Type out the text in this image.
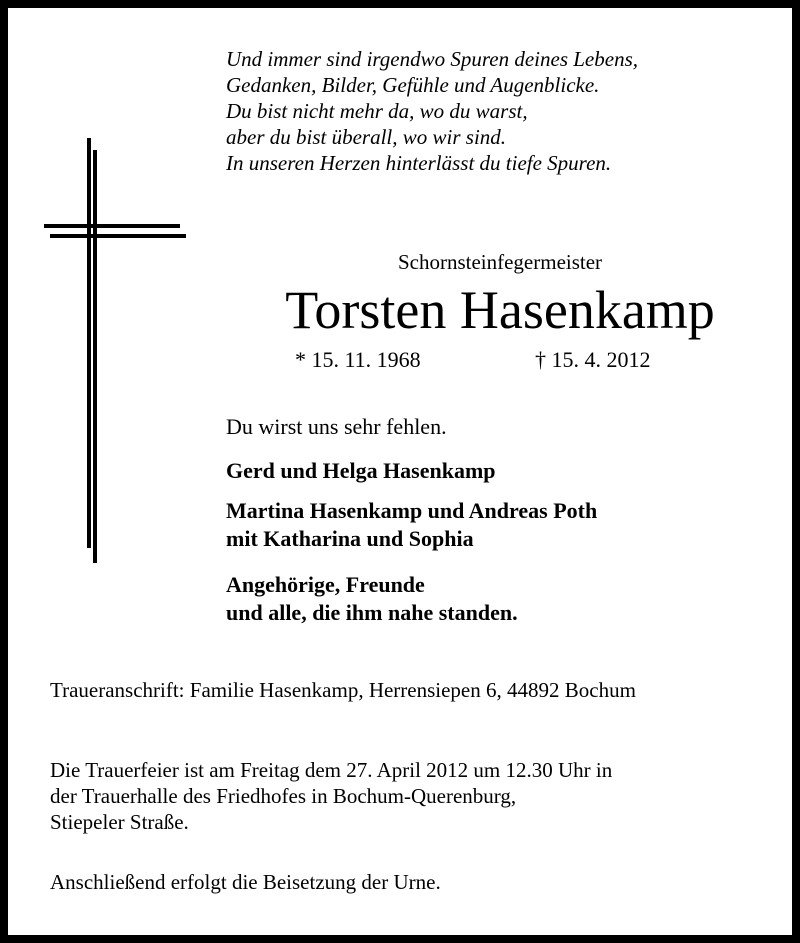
Und immer sind irgendwo Spuren deines Lebens,
Gedanken, Bilder, Gefühle und Augenblicke.
Du bist nicht mehr da, wo du warst,
aber du bist überall, wo wir sind.
In unseren Herzen hinterlässt du tiefe Spuren.
Schornsteinfegermeister
Torsten Hasenkamp
* 15. 11. 1968	† 15. 4. 2012
Du wirst uns sehr fehlen.
Gerd und Helga Hasenkamp
Martina Hasenkamp und Andreas Poth
mit Katharina und Sophia
Angehörige, Freunde
und alle, die ihm nahe standen.
Traueranschrift: Familie Hasenkamp, Herrensiepen 6, 44892 Bochum
Die Trauerfeier ist am Freitag dem 27. April 2012 um 12.30 Uhr in
der Trauerhalle des Friedhofes in Bochum-Querenburg,
Stiepeler Straße.
Anschließend erfolgt die Beisetzung der Urne.
